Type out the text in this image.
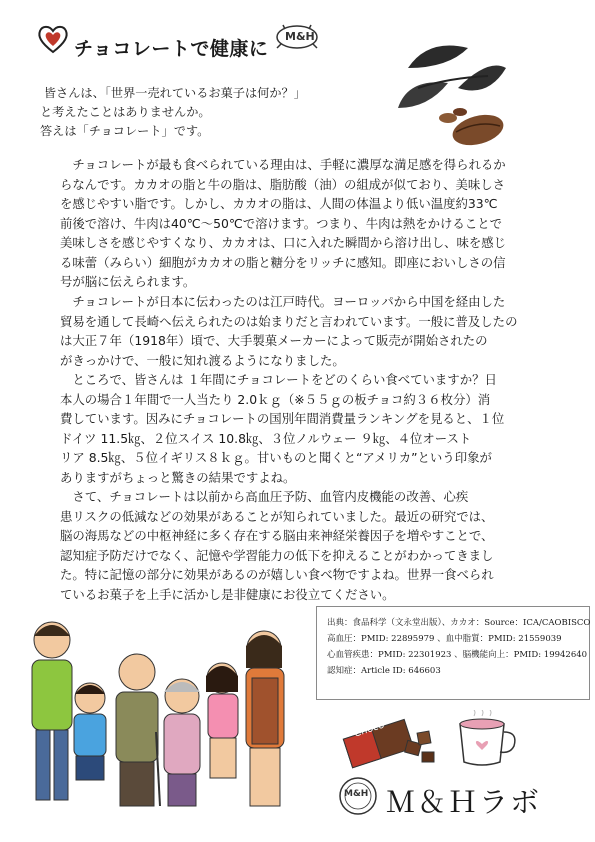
チョコレートで健康に
M&H
皆さんは、「世界一売れているお菓子は何か？」
と考えたことはありませんか。
答えは「チョコレート」です。
　チョコレートが最も食べられている理由は、手軽に濃厚な満足感を得られるか
らなんです。カカオの脂と牛の脂は、脂肪酸（油）の組成が似ており、美味しさ
を感じやすい脂です。しかし、カカオの脂は、人間の体温より低い温度約33℃
前後で溶け、牛肉は40℃〜50℃で溶けます。つまり、牛肉は熱をかけることで
美味しさを感じやすくなり、カカオは、口に入れた瞬間から溶け出し、味を感じ
る味蕾（みらい）細胞がカカオの脂と糖分をリッチに感知。即座においしさの信
号が脳に伝えられます。
　チョコレートが日本に伝わったのは江戸時代。ヨーロッパから中国を経由した
貿易を通して長崎へ伝えられたのは始まりだと言われています。一般に普及したの
は大正７年（1918年）頃で、大手製菓メーカーによって販売が開始されたの
がきっかけで、一般に知れ渡るようになりました。
　ところで、皆さんは １年間にチョコレートをどのくらい食べていますか？日
本人の場合１年間で一人当たり 2.0ｋｇ（※５５ｇの板チョコ約３６枚分）消
費しています。因みにチョコレートの国別年間消費量ランキングを見ると、１位
ドイツ 11.5㎏、２位スイス 10.8㎏、３位ノルウェー ９㎏、４位オースト
リア 8.5㎏、５位イギリス８ｋｇ。甘いものと聞くと“アメリカ”という印象が
ありますがちょっと驚きの結果ですよね。
　さて、チョコレートは以前から高血圧予防、血管内皮機能の改善、心疾
患リスクの低減などの効果があることが知られていました。最近の研究では、
脳の海馬などの中枢神経に多く存在する脳由来神経栄養因子を増やすことで、
認知症予防だけでなく、記憶や学習能力の低下を抑えることがわかってきまし
た。特に記憶の部分に効果があるのが嬉しい食べ物ですよね。世界一食べられ
ているお菓子を上手に活かし是非健康にお役立てください。
出典：食品科学（文永堂出版）、カカオ：Source：ICA/CAOBISCO
高血圧：PMID: 22895979 、血中脂質：PMID: 21559039
心血管疾患：PMID: 22301923 、脳機能向上：PMID: 19942640
認知症：Article ID: 646603
Choco
M&H Ｍ＆Ｈラボ
